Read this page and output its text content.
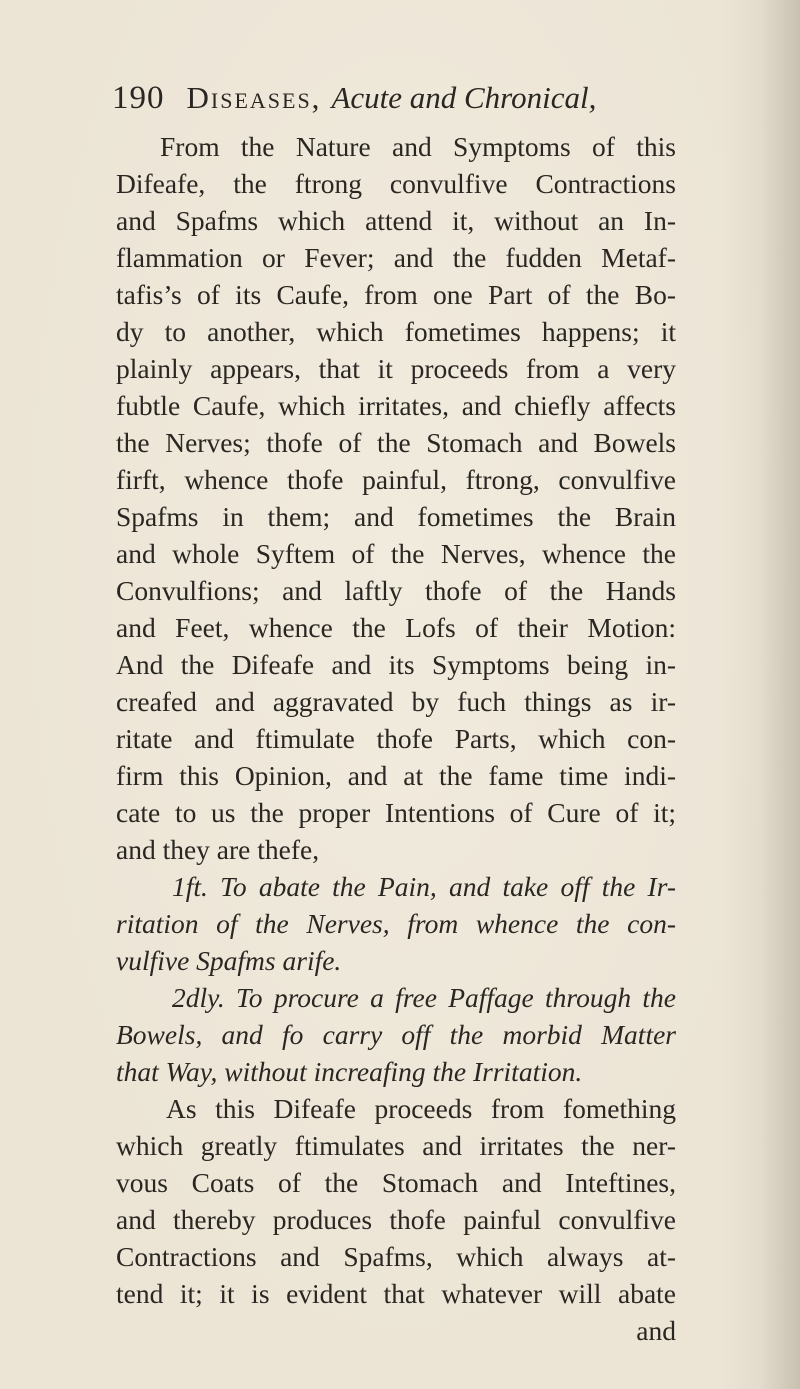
190 Diseases, Acute and Chronical,
From the Nature and Symptoms of this
Difeafe, the ftrong convulfive Contractions
and Spafms which attend it, without an In-
flammation or Fever; and the fudden Metaf-
tafis’s of its Caufe, from one Part of the Bo-
dy to another, which fometimes happens; it
plainly appears, that it proceeds from a very
fubtle Caufe, which irritates, and chiefly affects
the Nerves; thofe of the Stomach and Bowels
firft, whence thofe painful, ftrong, convulfive
Spafms in them; and fometimes the Brain
and whole Syftem of the Nerves, whence the
Convulfions; and laftly thofe of the Hands
and Feet, whence the Lofs of their Motion:
And the Difeafe and its Symptoms being in-
creafed and aggravated by fuch things as ir-
ritate and ftimulate thofe Parts, which con-
firm this Opinion, and at the fame time indi-
cate to us the proper Intentions of Cure of it;
and they are thefe,
1ft. To abate the Pain, and take off the Ir-
ritation of the Nerves, from whence the con-
vulfive Spafms arife.
2dly. To procure a free Paffage through the
Bowels, and fo carry off the morbid Matter
that Way, without increafing the Irritation.
As this Difeafe proceeds from fomething
which greatly ftimulates and irritates the ner-
vous Coats of the Stomach and Inteftines,
and thereby produces thofe painful convulfive
Contractions and Spafms, which always at-
tend it; it is evident that whatever will abate
and
